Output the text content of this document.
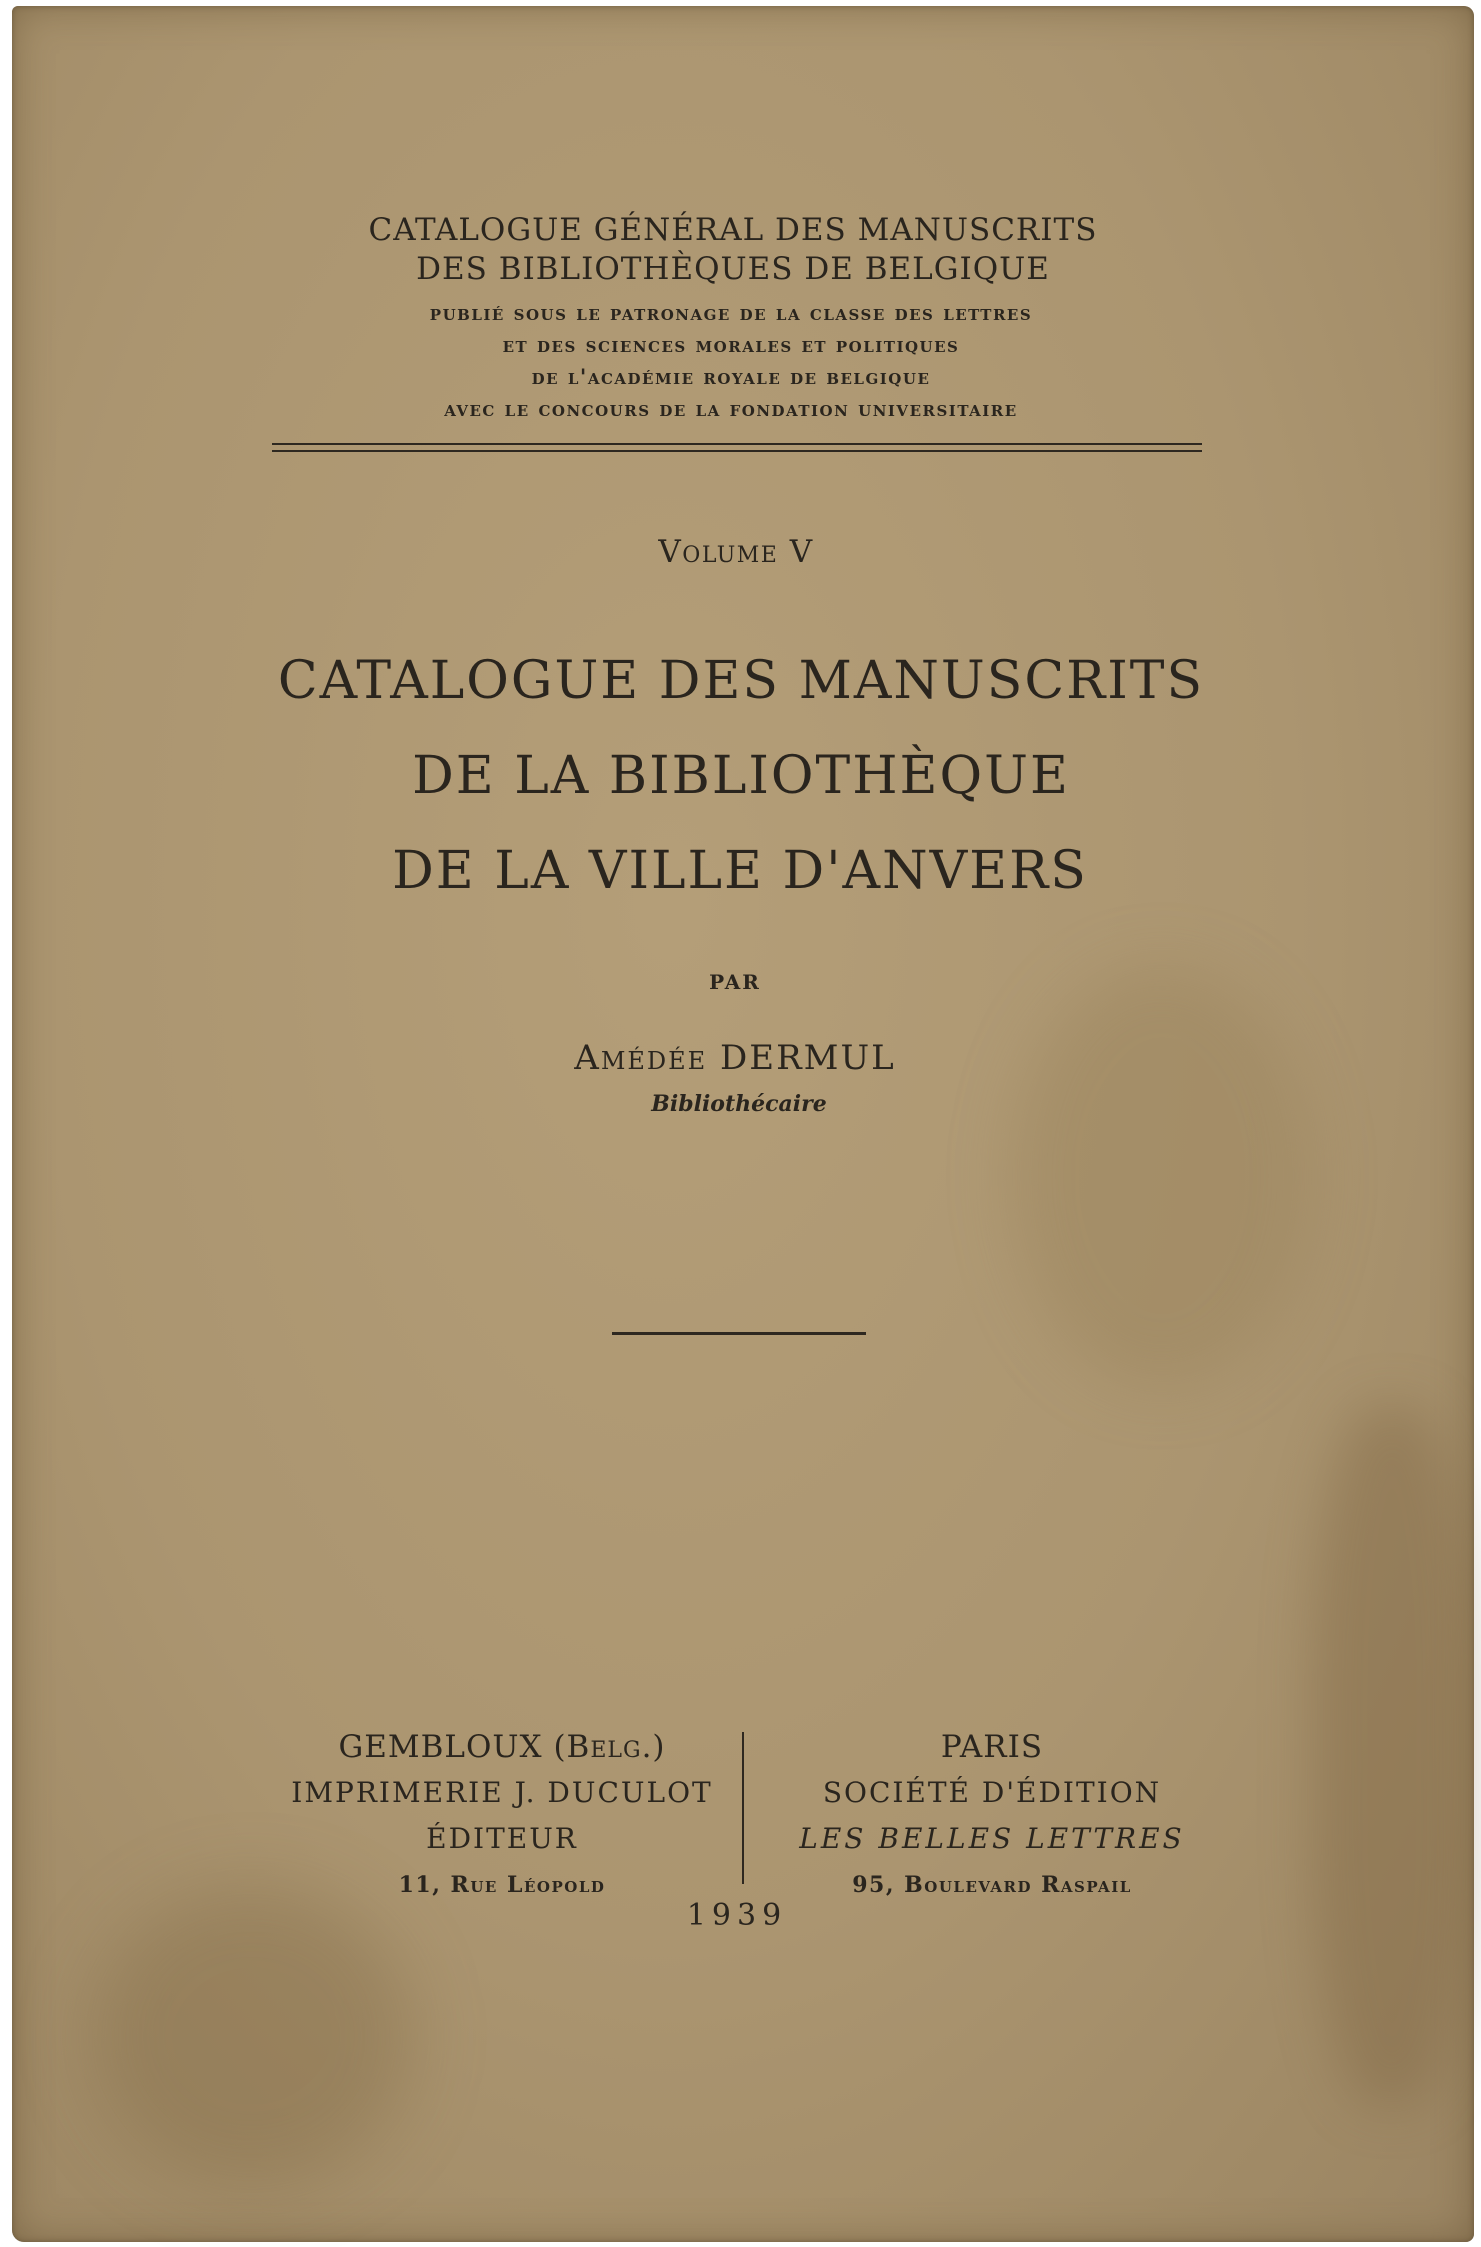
CATALOGUE GÉNÉRAL DES MANUSCRITS
DES BIBLIOTHÈQUES DE BELGIQUE
publié sous le patronage de la classe des lettres
et des sciences morales et politiques
de l'académie royale de belgique
avec le concours de la fondation universitaire
Volume V
CATALOGUE DES MANUSCRITS
DE LA BIBLIOTHÈQUE
DE LA VILLE D'ANVERS
PAR
Amédée DERMUL
Bibliothécaire
GEMBLOUX (Belg.)
IMPRIMERIE J. DUCULOT
ÉDITEUR
11, Rue Léopold
PARIS
SOCIÉTÉ D'ÉDITION
LES BELLES LETTRES
95, Boulevard Raspail
1939
